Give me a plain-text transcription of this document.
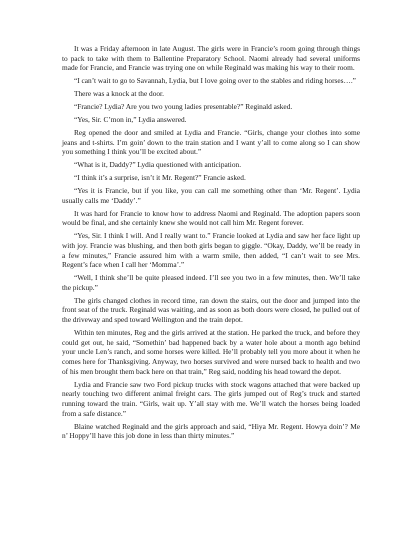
It was a Friday afternoon in late August. The girls were in Francie’s room going through things to pack to take with them to Ballentine Preparatory School. Naomi already had several uniforms made for Francie, and Francie was trying one on while Reginald was making his way to their room.

“I can’t wait to go to Savannah, Lydia, but I love going over to the stables and riding horses….”

There was a knock at the door.

“Francie? Lydia? Are you two young ladies presentable?” Reginald asked.

“Yes, Sir. C’mon in,” Lydia answered.

Reg opened the door and smiled at Lydia and Francie. “Girls, change your clothes into some jeans and t-shirts. I’m goin’ down to the train station and I want y’all to come along so I can show you something I think you’ll be excited about.”

“What is it, Daddy?” Lydia questioned with anticipation.

“I think it’s a surprise, isn’t it Mr. Regent?” Francie asked.

“Yes it is Francie, but if you like, you can call me something other than ‘Mr. Regent’. Lydia usually calls me ‘Daddy’.”

It was hard for Francie to know how to address Naomi and Reginald. The adoption papers soon would be final, and she certainly knew she would not call him Mr. Regent forever.

“Yes, Sir. I think I will. And I really want to.” Francie looked at Lydia and saw her face light up with joy. Francie was blushing, and then both girls began to giggle. “Okay, Daddy, we’ll be ready in a few minutes,” Francie assured him with a warm smile, then added, “I can’t wait to see Mrs. Regent’s face when I call her ‘Momma’.”

“Well, I think she’ll be quite pleased indeed. I’ll see you two in a few minutes, then. We’ll take the pickup.”

The girls changed clothes in record time, ran down the stairs, out the door and jumped into the front seat of the truck. Reginald was waiting, and as soon as both doors were closed, he pulled out of the driveway and sped toward Wellington and the train depot.

Within ten minutes, Reg and the girls arrived at the station. He parked the truck, and before they could get out, he said, “Somethin’ bad happened back by a water hole about a month ago behind your uncle Len’s ranch, and some horses were killed. He’ll probably tell you more about it when he comes here for Thanksgiving. Anyway, two horses survived and were nursed back to health and two of his men brought them back here on that train,” Reg said, nodding his head toward the depot.

Lydia and Francie saw two Ford pickup trucks with stock wagons attached that were backed up nearly touching two different animal freight cars. The girls jumped out of Reg’s truck and started running toward the train. “Girls, wait up. Y’all stay with me. We’ll watch the horses being loaded from a safe distance.”

Blaine watched Reginald and the girls approach and said, “Hiya Mr. Regent. Howya doin’? Me n’ Hoppy’ll have this job done in less than thirty minutes.”
